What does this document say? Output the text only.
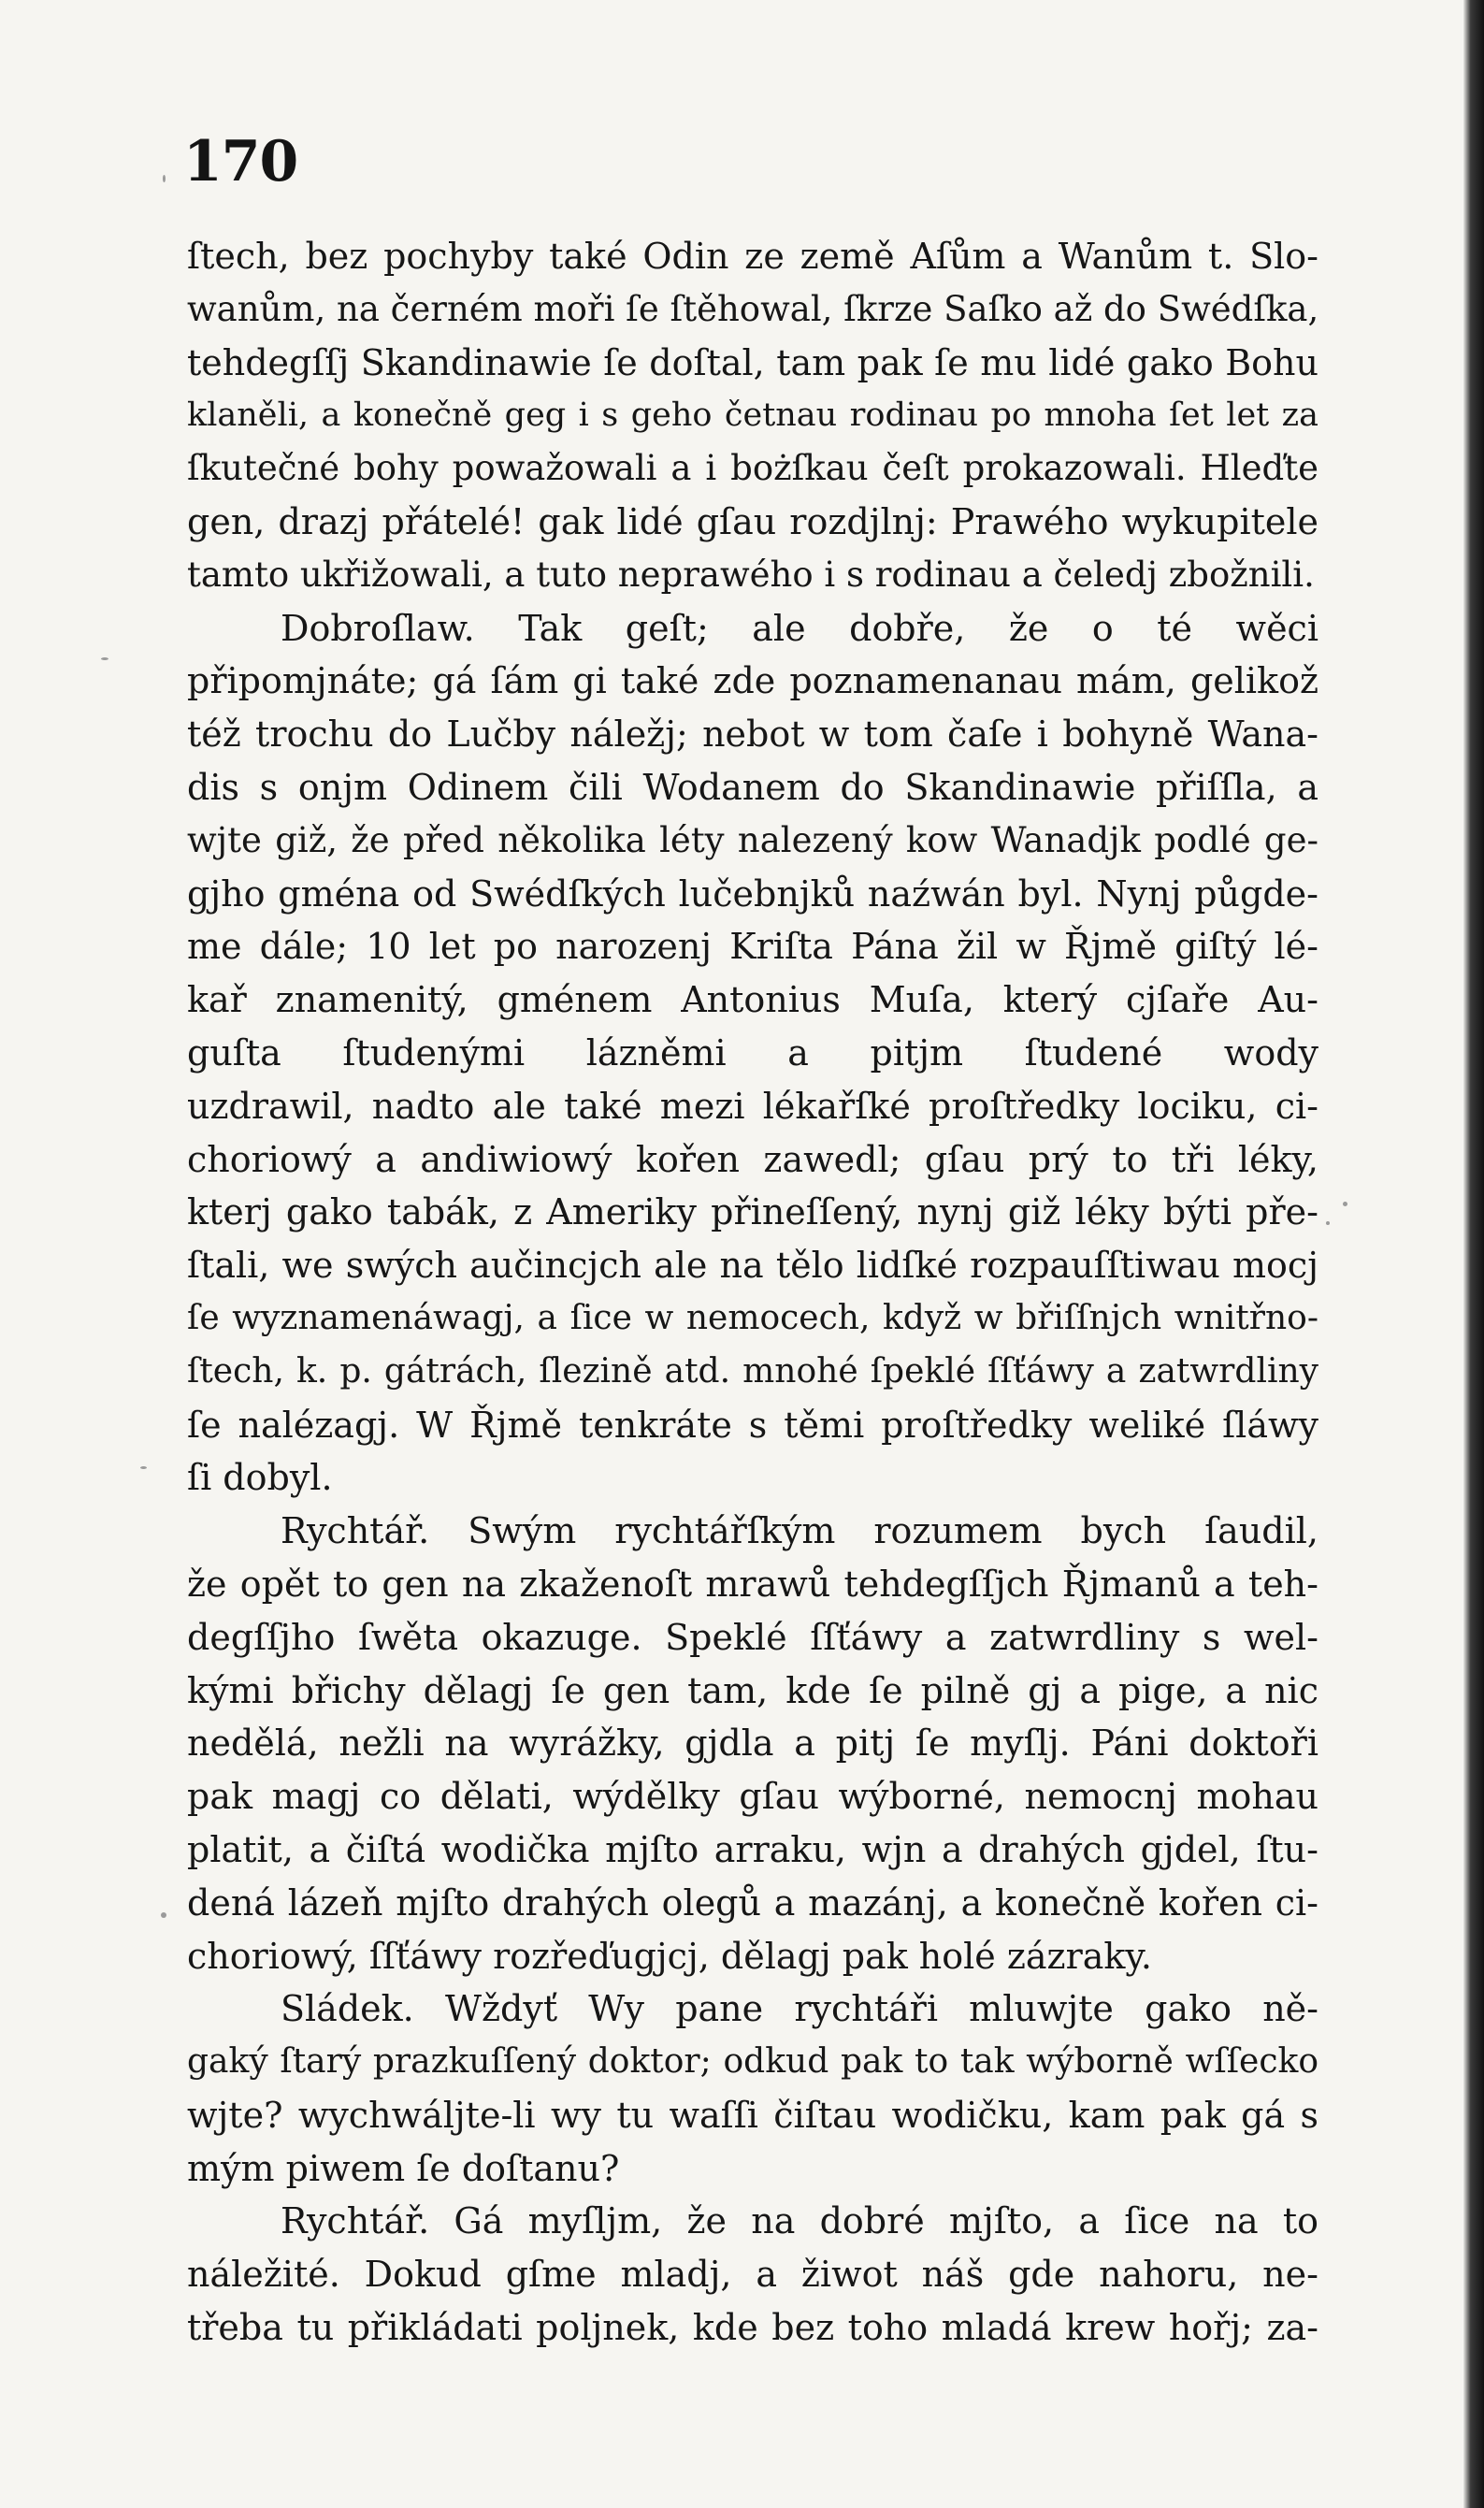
170
ſtech, bez pochyby také Odin ze země Aſům a Wanům t. Slo-
wanům, na černém moři ſe ſtěhowal, ſkrze Saſko až do Swédſka,
tehdegſſj Skandinawie ſe doſtal, tam pak ſe mu lidé gako Bohu
klaněli, a konečně geg i s geho četnau rodinau po mnoha ſet let za
ſkutečné bohy powažowali a i bożſkau čeſt prokazowali. Hleďte
gen, drazj přátelé! gak lidé gſau rozdjlnj: Prawého wykupitele
tamto ukřižowali, a tuto neprawého i s rodinau a čeledj zbožnili.
Dobroſlaw. Tak geſt; ale dobře, že o té wěci
připomjnáte; gá ſám gi také zde poznamenanau mám, gelikož
též trochu do Lučby náležj; nebot w tom čaſe i bohyně Wana-
dis s onjm Odinem čili Wodanem do Skandinawie přiſſla, a
wjte giž, že před několika léty nalezený kow Wanadjk podlé ge-
gjho gména od Swédſkých lučebnjků naźwán byl. Nynj půgde-
me dále; 10 let po narozenj Kriſta Pána žil w Řjmě giſtý lé-
kař znamenitý, gménem Antonius Muſa, který cjſaře Au-
guſta ſtudenými lázněmi a pitjm ſtudené wody
uzdrawil, nadto ale také mezi lékařſké proſtředky lociku, ci-
choriowý a andiwiowý kořen zawedl; gſau prý to tři léky,
kterj gako tabák, z Ameriky přineſſený, nynj giž léky býti pře-
ſtali, we swých aučincjch ale na tělo lidſké rozpauſſtiwau mocj
ſe wyznamenáwagj, a ſice w nemocech, když w břiſſnjch wnitřno-
ſtech, k. p. gátrách, ſlezině atd. mnohé ſpeklé ſſťáwy a zatwrdliny
ſe nalézagj. W Řjmě tenkráte s těmi proſtředky weliké ſláwy
ſi dobyl.
Rychtář. Swým rychtářſkým rozumem bych ſaudil,
že opět to gen na zkaženoſt mrawů tehdegſſjch Řjmanů a teh-
degſſjho ſwěta okazuge. Speklé ſſťáwy a zatwrdliny s wel-
kými břichy dělagj ſe gen tam, kde ſe pilně gj a pige, a nic
nedělá, nežli na wyrážky, gjdla a pitj ſe myſlj. Páni doktoři
pak magj co dělati, wýdělky gſau wýborné, nemocnj mohau
platit, a čiſtá wodička mjſto arraku, wjn a drahých gjdel, ſtu-
dená lázeň mjſto drahých olegů a mazánj, a konečně kořen ci-
choriowý, ſſťáwy rozřeďugjcj, dělagj pak holé zázraky.
Sládek. Wždyť Wy pane rychtáři mluwjte gako ně-
gaký ſtarý prazkuſſený doktor; odkud pak to tak wýborně wſſecko
wjte? wychwáljte-li wy tu waſſi čiſtau wodičku, kam pak gá s
mým piwem ſe doſtanu?
Rychtář. Gá myſljm, že na dobré mjſto, a ſice na to
náležité. Dokud gſme mladj, a žiwot náš gde nahoru, ne-
třeba tu přikládati poljnek, kde bez toho mladá krew hořj; za-
